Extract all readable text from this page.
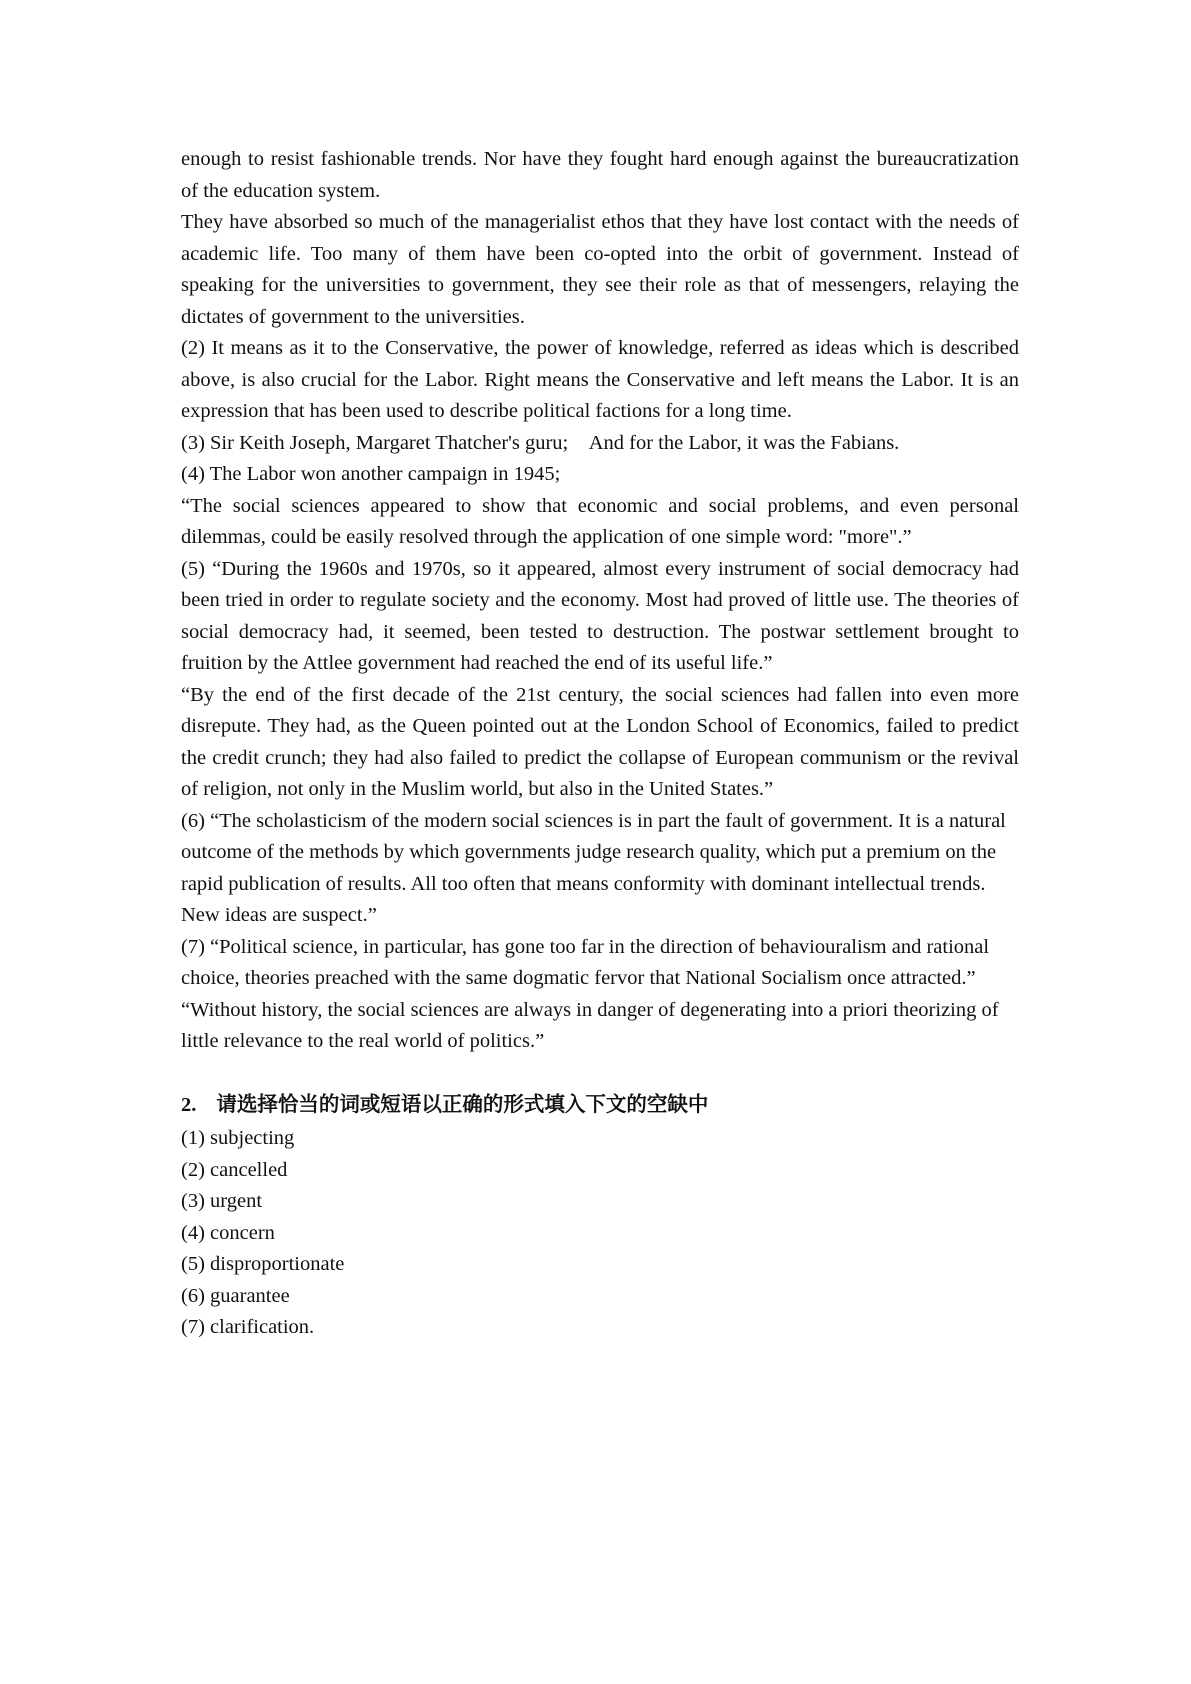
enough to resist fashionable trends. Nor have they fought hard enough against the bureaucratization of the education system.

They have absorbed so much of the managerialist ethos that they have lost contact with the needs of academic life. Too many of them have been co-opted into the orbit of government. Instead of speaking for the universities to government, they see their role as that of messengers, relaying the dictates of government to the universities.

(2) It means as it to the Conservative, the power of knowledge, referred as ideas which is described above, is also crucial for the Labor. Right means the Conservative and left means the Labor. It is an expression that has been used to describe political factions for a long time.

(3) Sir Keith Joseph, Margaret Thatcher's guru;    And for the Labor, it was the Fabians.

(4) The Labor won another campaign in 1945;

“The social sciences appeared to show that economic and social problems, and even personal dilemmas, could be easily resolved through the application of one simple word: "more".”

(5) “During the 1960s and 1970s, so it appeared, almost every instrument of social democracy had been tried in order to regulate society and the economy. Most had proved of little use. The theories of social democracy had, it seemed, been tested to destruction. The postwar settlement brought to fruition by the Attlee government had reached the end of its useful life.”

“By the end of the first decade of the 21st century, the social sciences had fallen into even more disrepute. They had, as the Queen pointed out at the London School of Economics, failed to predict the credit crunch; they had also failed to predict the collapse of European communism or the revival of religion, not only in the Muslim world, but also in the United States.”

(6) “The scholasticism of the modern social sciences is in part the fault of government. It is a natural outcome of the methods by which governments judge research quality, which put a premium on the rapid publication of results. All too often that means conformity with dominant intellectual trends. New ideas are suspect.”

(7) “Political science, in particular, has gone too far in the direction of behaviouralism and rational choice, theories preached with the same dogmatic fervor that National Socialism once attracted.”

“Without history, the social sciences are always in danger of degenerating into a priori theorizing of little relevance to the real world of politics.”

2. 请选择恰当的词或短语以正确的形式填入下文的空缺中
(1) subjecting
(2) cancelled
(3) urgent
(4) concern
(5) disproportionate
(6) guarantee
(7) clarification.
